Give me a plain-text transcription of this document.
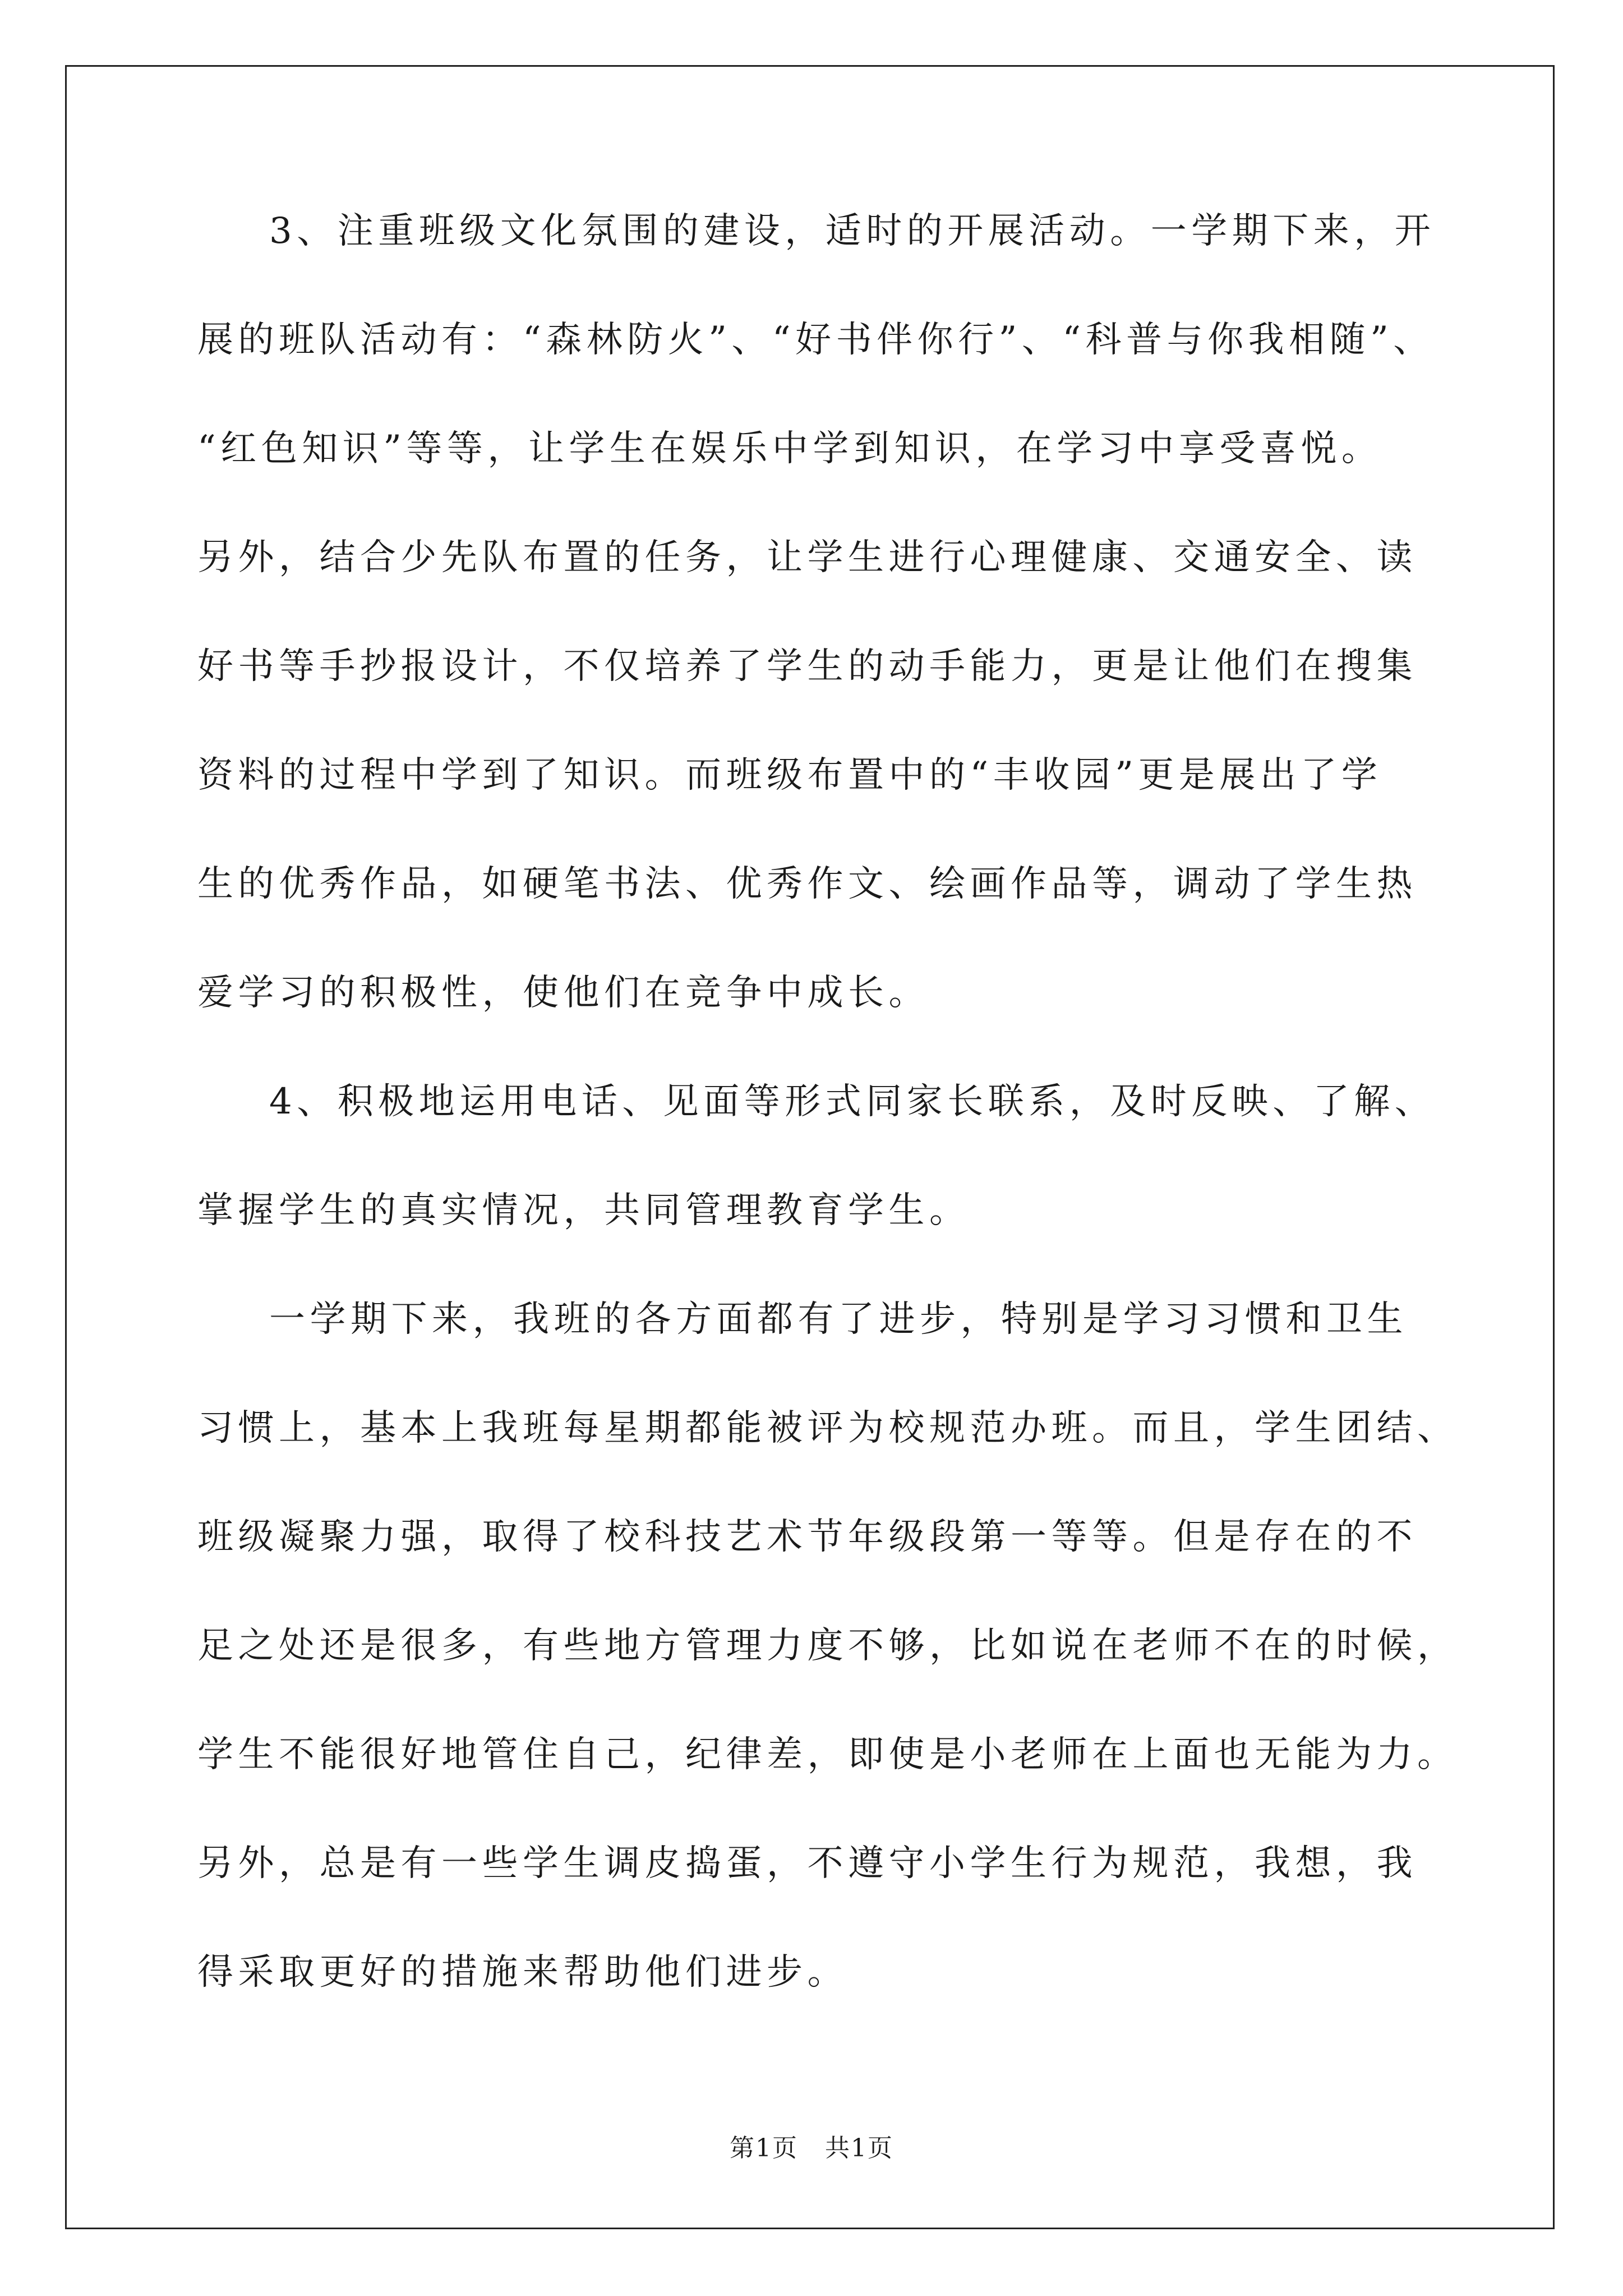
3、注重班级文化氛围的建设，适时的开展活动。一学期下来，开
展的班队活动有：“森林防火”、“好书伴你行”、“科普与你我相随”、
“红色知识”等等，让学生在娱乐中学到知识，在学习中享受喜悦。
另外，结合少先队布置的任务，让学生进行心理健康、交通安全、读
好书等手抄报设计，不仅培养了学生的动手能力，更是让他们在搜集
资料的过程中学到了知识。而班级布置中的“丰收园”更是展出了学
生的优秀作品，如硬笔书法、优秀作文、绘画作品等，调动了学生热
爱学习的积极性，使他们在竞争中成长。
4、积极地运用电话、见面等形式同家长联系，及时反映、了解、
掌握学生的真实情况，共同管理教育学生。
一学期下来，我班的各方面都有了进步，特别是学习习惯和卫生
习惯上，基本上我班每星期都能被评为校规范办班。而且，学生团结、
班级凝聚力强，取得了校科技艺术节年级段第一等等。但是存在的不
足之处还是很多，有些地方管理力度不够，比如说在老师不在的时候，
学生不能很好地管住自己，纪律差，即使是小老师在上面也无能为力。
另外，总是有一些学生调皮捣蛋，不遵守小学生行为规范，我想，我
得采取更好的措施来帮助他们进步。
第1页   共1页
